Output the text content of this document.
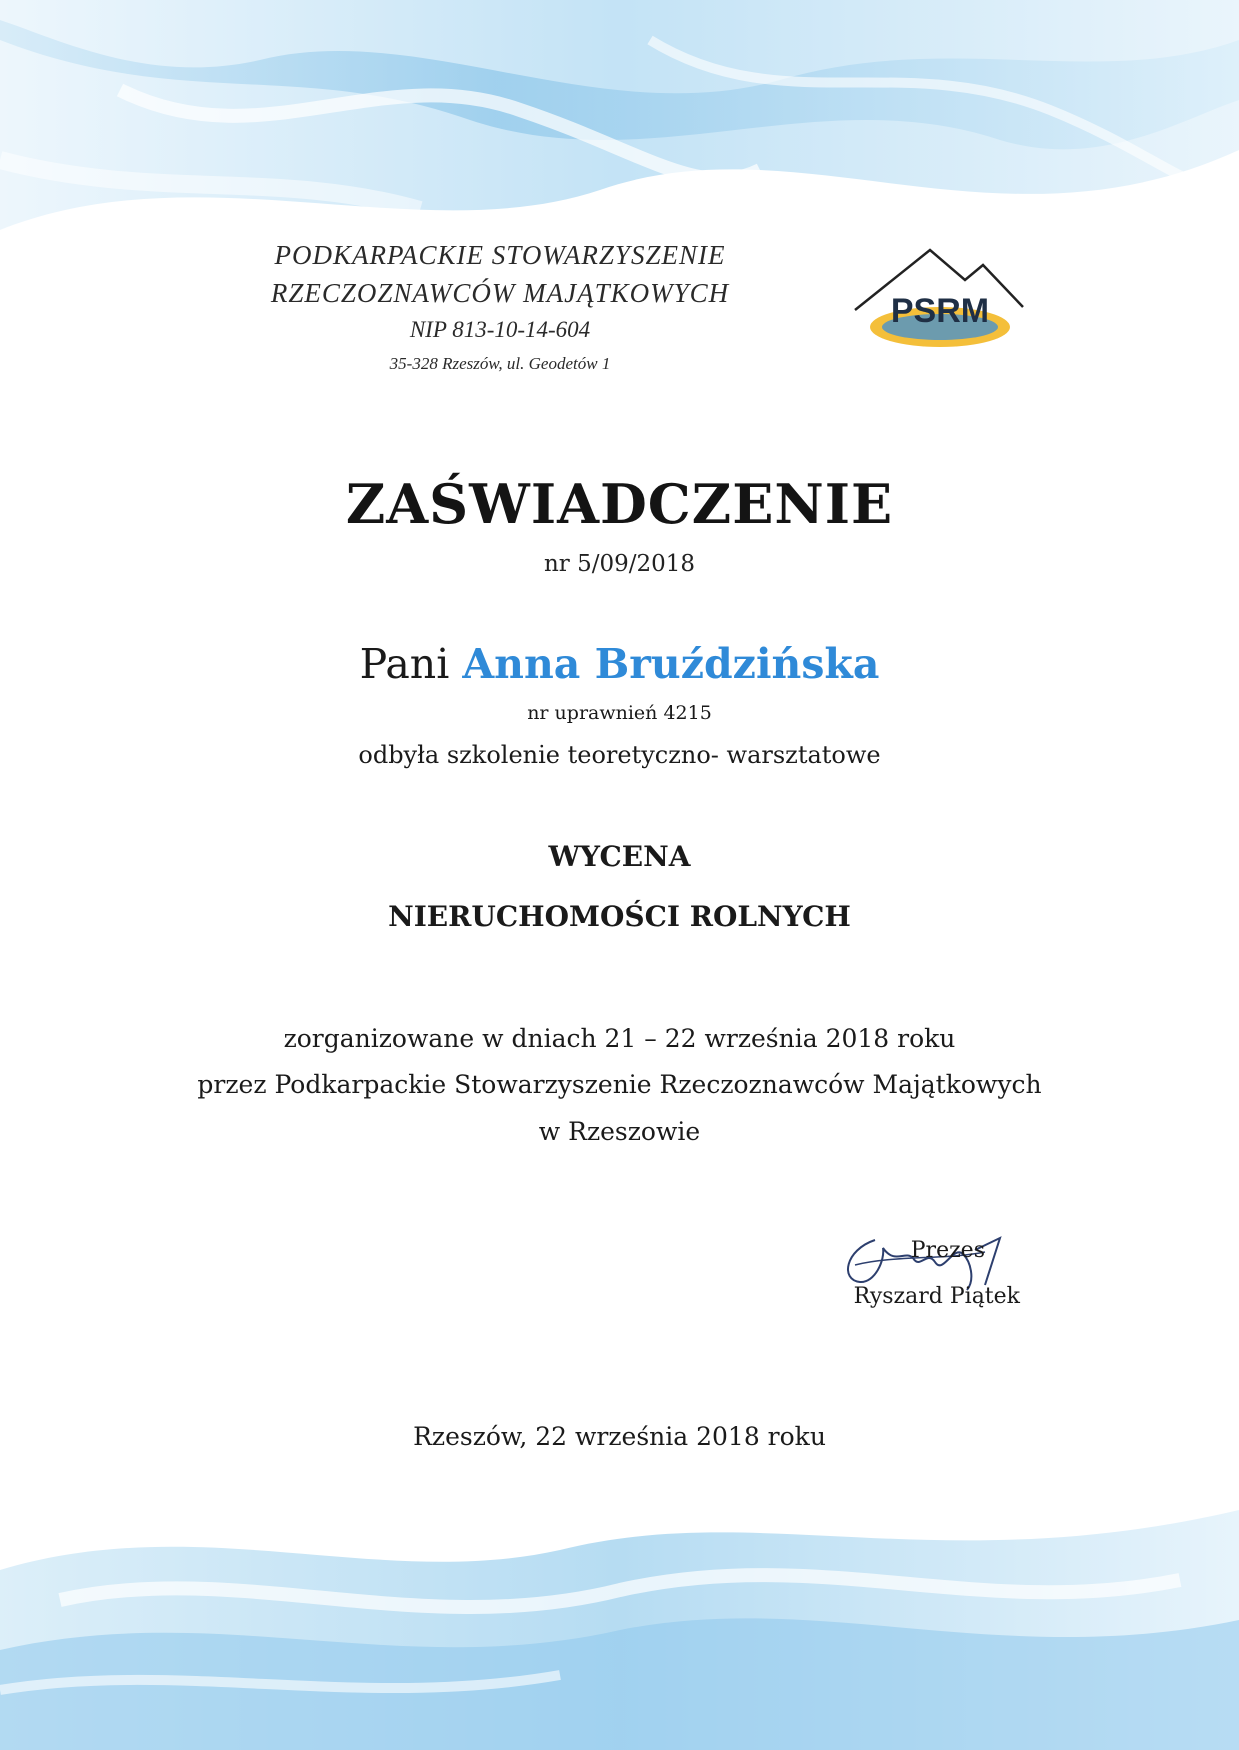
PODKARPACKIE STOWARZYSZENIE
RZECZOZNAWCÓW MAJĄTKOWYCH
NIP 813-10-14-604
35-328 Rzeszów, ul. Geodetów 1
PSRM
ZAŚWIADCZENIE
nr 5/09/2018
Pani Anna Bruździńska
nr uprawnień 4215
odbyła szkolenie teoretyczno- warsztatowe
WYCENA
NIERUCHOMOŚCI ROLNYCH
zorganizowane w dniach 21 – 22 września 2018 roku
przez Podkarpackie Stowarzyszenie Rzeczoznawców Majątkowych
w Rzeszowie
Prezes
Ryszard Piątek
Rzeszów, 22 września 2018 roku
